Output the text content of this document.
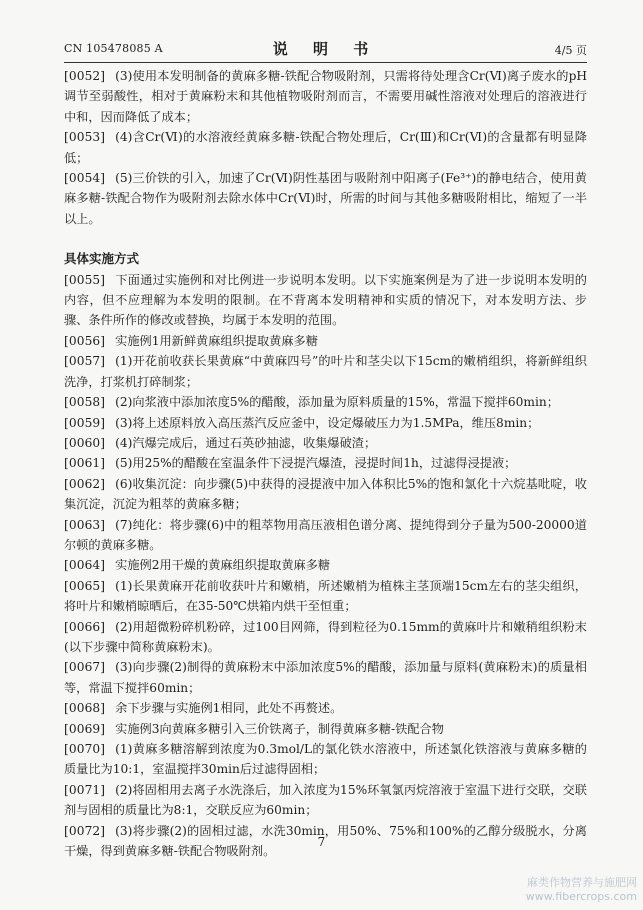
CN 105478085 A	说 明 书	4/5 页

[0052] (3)使用本发明制备的黄麻多糖-铁配合物吸附剂，只需将待处理含Cr(Ⅵ)离子废水的pH调节至弱酸性，相对于黄麻粉末和其他植物吸附剂而言，不需要用碱性溶液对处理后的溶液进行中和，因而降低了成本；

[0053] (4)含Cr(Ⅵ)的水溶液经黄麻多糖-铁配合物处理后，Cr(Ⅲ)和Cr(Ⅵ)的含量都有明显降低；

[0054] (5)三价铁的引入，加速了Cr(Ⅵ)阴性基团与吸附剂中阳离子(Fe³⁺)的静电结合，使用黄麻多糖-铁配合物作为吸附剂去除水体中Cr(Ⅵ)时，所需的时间与其他多糖吸附相比，缩短了一半以上。

具体实施方式

[0055] 下面通过实施例和对比例进一步说明本发明。以下实施案例是为了进一步说明本发明的内容，但不应理解为本发明的限制。在不背离本发明精神和实质的情况下，对本发明方法、步骤、条件所作的修改或替换，均属于本发明的范围。

[0056] 实施例1用新鲜黄麻组织提取黄麻多糖

[0057] (1)开花前收获长果黄麻“中黄麻四号”的叶片和茎尖以下15cm的嫩梢组织，将新鲜组织洗净，打浆机打碎制浆；

[0058] (2)向浆液中添加浓度5%的醋酸，添加量为原料质量的15%，常温下搅拌60min；

[0059] (3)将上述原料放入高压蒸汽反应釜中，设定爆破压力为1.5MPa，维压8min；

[0060] (4)汽爆完成后，通过石英砂抽滤，收集爆破渣；

[0061] (5)用25%的醋酸在室温条件下浸提汽爆渣，浸提时间1h，过滤得浸提液；

[0062] (6)收集沉淀：向步骤(5)中获得的浸提液中加入体积比5%的饱和氯化十六烷基吡啶，收集沉淀，沉淀为粗萃的黄麻多糖；

[0063] (7)纯化：将步骤(6)中的粗萃物用高压液相色谱分离、提纯得到分子量为500-20000道尔顿的黄麻多糖。

[0064] 实施例2用干燥的黄麻组织提取黄麻多糖

[0065] (1)长果黄麻开花前收获叶片和嫩梢，所述嫩梢为植株主茎顶端15cm左右的茎尖组织，将叶片和嫩梢晾晒后，在35-50℃烘箱内烘干至恒重；

[0066] (2)用超微粉碎机粉碎，过100目网筛，得到粒径为0.15mm的黄麻叶片和嫩稍组织粉末(以下步骤中简称黄麻粉末)。

[0067] (3)向步骤(2)制得的黄麻粉末中添加浓度5%的醋酸，添加量与原料(黄麻粉末)的质量相等，常温下搅拌60min；

[0068] 余下步骤与实施例1相同，此处不再赘述。

[0069] 实施例3向黄麻多糖引入三价铁离子，制得黄麻多糖-铁配合物

[0070] (1)黄麻多糖溶解到浓度为0.3mol/L的氯化铁水溶液中，所述氯化铁溶液与黄麻多糖的质量比为10:1，室温搅拌30min后过滤得固相；

[0071] (2)将固相用去离子水洗涤后，加入浓度为15%环氧氯丙烷溶液于室温下进行交联，交联剂与固相的质量比为8:1，交联反应为60min；

[0072] (3)将步骤(2)的固相过滤，水洗30min，用50%、75%和100%的乙醇分级脱水，分离干燥，得到黄麻多糖-铁配合物吸附剂。

7
麻类作物营养与施肥网
www.fibercrops.com
